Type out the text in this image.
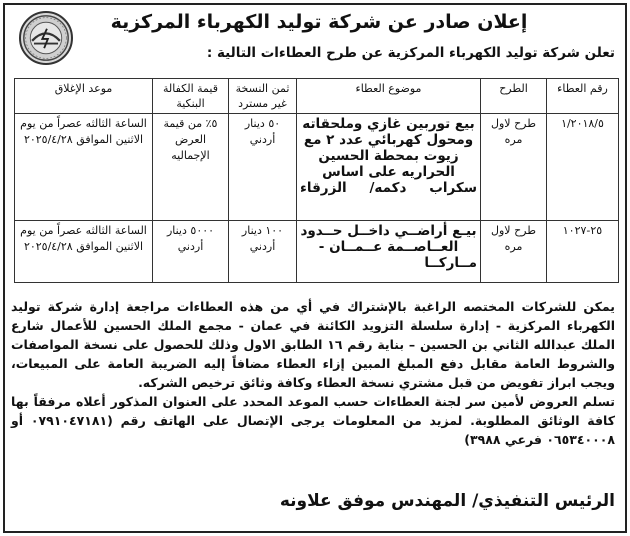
إعلان صادر عن شركة توليد الكهرباء المركزية
تعلن شركة توليد الكهرباء المركزية عن طرح العطاءات التالية :
رقم العطاء	الطرح	موضوع العطاء	ثمن النسخة غير مسترد	قيمة الكفالة البنكية	موعد الإغلاق
١/٢٠١٨/٥	طرح لاول مره	بيع توربين غازي وملحقاته ومحول كهربائي عدد ٢ مع زيوت بمحطة الحسين الحراريه على اساس سكراب دكمه/ الزرقاء	٥٠ دينار أردني	٥٪ من قيمة العرض الإجماليه	الساعة الثالثه عصراً من يوم الاثنين الموافق ٢٠٢٥/٤/٢٨
٢٥-١٠٢٧	طرح لاول مره	بيـع أراضــي داخــل حــدود العــاصــمة عــمــان - مــاركــا	١٠٠ دينار أردني	٥٠٠٠ دينار أردني	الساعة الثالثه عصراً من يوم الاثنين الموافق ٢٠٢٥/٤/٢٨

يمكن للشركات المختصه الراغبة بالإشتراك في أي من هذه العطاءات مراجعة إدارة شركة توليد الكهرباء المركزية - إدارة سلسلة التزويد الكائنة في عمان - مجمع الملك الحسين للأعمال شارع الملك عبدالله الثاني بن الحسين – بناية رقم ١٦ الطابق الاول وذلك للحصول على نسخة المواصفات والشروط العامة مقابل دفع المبلغ المبين إزاء العطاء مضافاً إليه الضريبة العامة على المبيعات، ويجب ابراز تفويض من قبل مشتري نسخة العطاء وكافة وثائق ترخيص الشركه.

تسلم العروض لأمين سر لجنة العطاءات حسب الموعد المحدد على العنوان المذكور أعلاه مرفقاً بها كافة الوثائق المطلوبة. لمزيد من المعلومات يرجى الإتصال على الهاتف رقم (٠٧٩١٠٤٧١٨١ أو ٠٦٥٣٤٠٠٠٨ فرعي ٣٩٨٨)

الرئيس التنفيذي/ المهندس موفق علاونه
